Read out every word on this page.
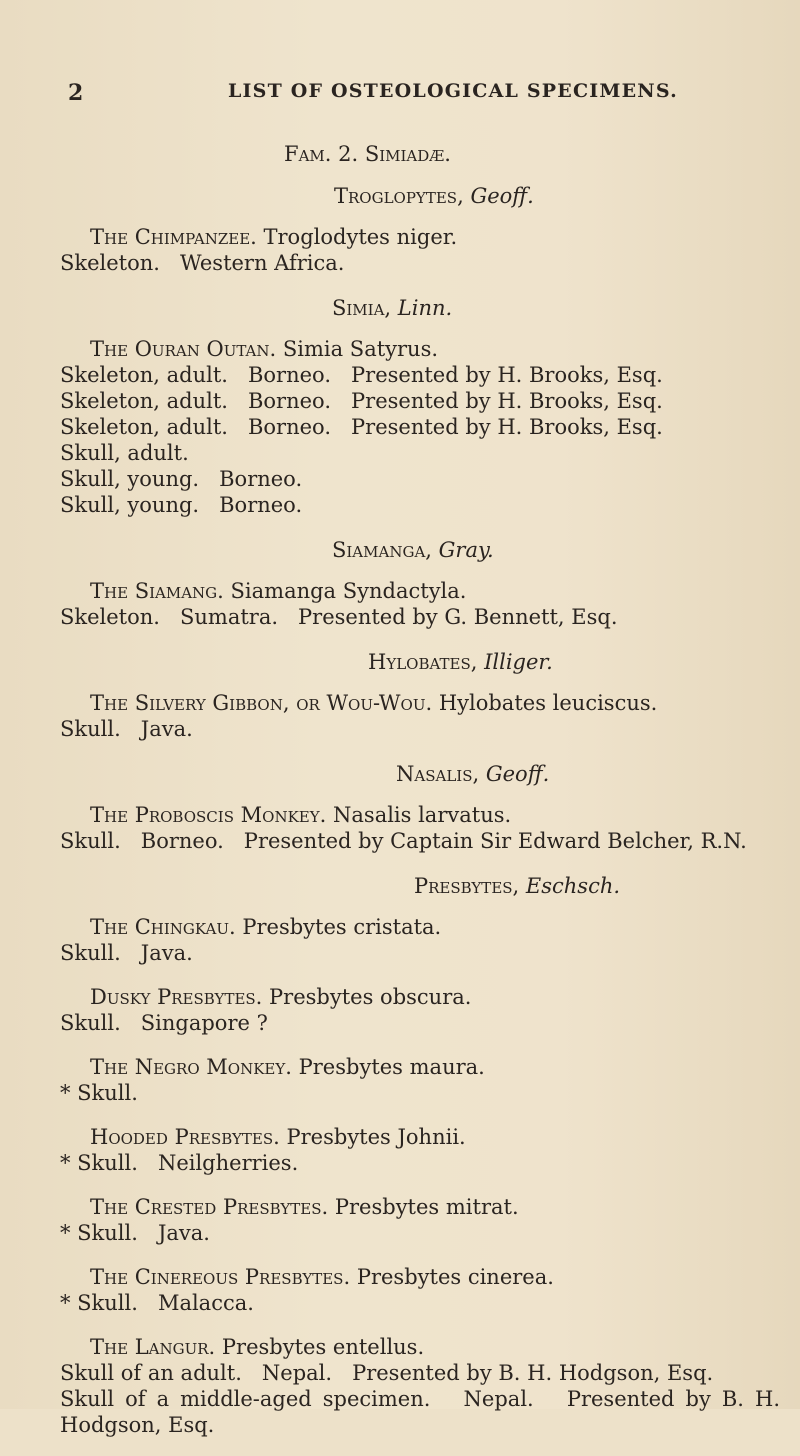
2	LIST OF OSTEOLOGICAL SPECIMENS.
Fam. 2. Simiadæ.
Troglopytes, Geoff.
The Chimpanzee. Troglodytes niger.
Skeleton.   Western Africa.
Simia, Linn.
The Ouran Outan. Simia Satyrus.
Skeleton, adult.   Borneo.   Presented by H. Brooks, Esq.
Skeleton, adult.   Borneo.   Presented by H. Brooks, Esq.
Skeleton, adult.   Borneo.   Presented by H. Brooks, Esq.
Skull, adult.
Skull, young.   Borneo.
Skull, young.   Borneo.
Siamanga, Gray.
The Siamang. Siamanga Syndactyla.
Skeleton.   Sumatra.   Presented by G. Bennett, Esq.
Hylobates, Illiger.
The Silvery Gibbon, or Wou-Wou. Hylobates leuciscus.
Skull.   Java.
Nasalis, Geoff.
The Proboscis Monkey. Nasalis larvatus.
Skull.   Borneo.   Presented by Captain Sir Edward Belcher, R.N.
Presbytes, Eschsch.
The Chingkau. Presbytes cristata.
Skull.   Java.
Dusky Presbytes. Presbytes obscura.
Skull.   Singapore ?
The Negro Monkey. Presbytes maura.
* Skull.
Hooded Presbytes. Presbytes Johnii.
* Skull.   Neilgherries.
The Crested Presbytes. Presbytes mitrat.
* Skull.   Java.
The Cinereous Presbytes. Presbytes cinerea.
* Skull.   Malacca.
The Langur. Presbytes entellus.
Skull of an adult.   Nepal.   Presented by B. H. Hodgson, Esq.
Skull of a middle-aged specimen.   Nepal.   Presented by B. H. Hodgson, Esq.
